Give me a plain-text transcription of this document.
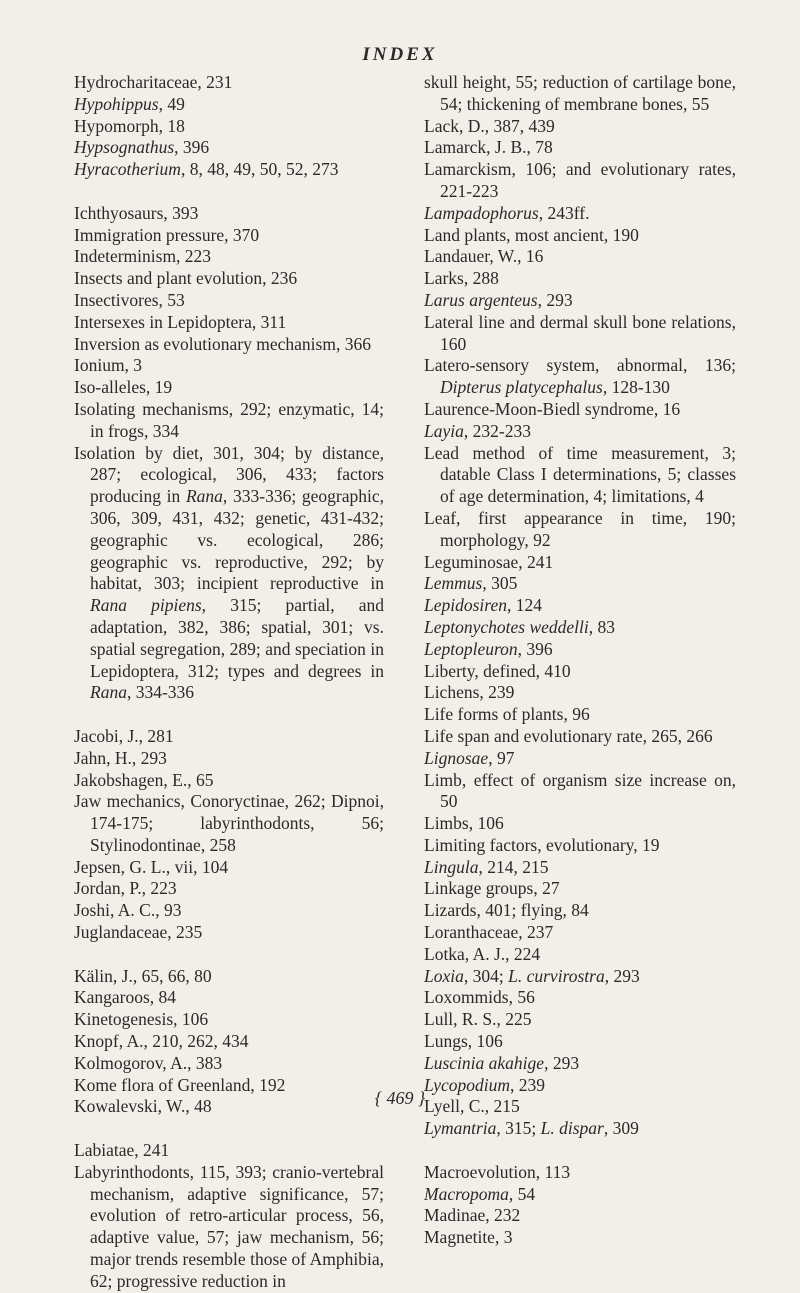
INDEX

Hydrocharitaceae, 231

Hypohippus, 49

Hypomorph, 18

Hypsognathus, 396

Hyracotherium, 8, 48, 49, 50, 52, 273

Ichthyosaurs, 393

Immigration pressure, 370

Indeterminism, 223

Insects and plant evolution, 236

Insectivores, 53

Intersexes in Lepidoptera, 311

Inversion as evolutionary mechanism, 366

Ionium, 3

Iso-alleles, 19

Isolating mechanisms, 292; enzymatic, 14; in frogs, 334

Isolation by diet, 301, 304; by distance, 287; ecological, 306, 433; factors producing in Rana, 333-336; geographic, 306, 309, 431, 432; genetic, 431-432; geographic vs. ecological, 286; geographic vs. reproductive, 292; by habitat, 303; incipient reproductive in Rana pipiens, 315; partial, and adaptation, 382, 386; spatial, 301; vs. spatial segregation, 289; and speciation in Lepidoptera, 312; types and degrees in Rana, 334-336

Jacobi, J., 281

Jahn, H., 293

Jakobshagen, E., 65

Jaw mechanics, Conoryctinae, 262; Dipnoi, 174-175; labyrinthodonts, 56; Stylinodontinae, 258

Jepsen, G. L., vii, 104

Jordan, P., 223

Joshi, A. C., 93

Juglandaceae, 235

Kälin, J., 65, 66, 80

Kangaroos, 84

Kinetogenesis, 106

Knopf, A., 210, 262, 434

Kolmogorov, A., 383

Kome flora of Greenland, 192

Kowalevski, W., 48

Labiatae, 241

Labyrinthodonts, 115, 393; cranio-vertebral mechanism, adaptive significance, 57; evolution of retro-articular process, 56, adaptive value, 57; jaw mechanism, 56; major trends resemble those of Amphibia, 62; progressive reduction in

skull height, 55; reduction of cartilage bone, 54; thickening of membrane bones, 55

Lack, D., 387, 439

Lamarck, J. B., 78

Lamarckism, 106; and evolutionary rates, 221-223

Lampadophorus, 243ff.

Land plants, most ancient, 190

Landauer, W., 16

Larks, 288

Larus argenteus, 293

Lateral line and dermal skull bone relations, 160

Latero-sensory system, abnormal, 136; Dipterus platycephalus, 128-130

Laurence-Moon-Biedl syndrome, 16

Layia, 232-233

Lead method of time measurement, 3; datable Class I determinations, 5; classes of age determination, 4; limitations, 4

Leaf, first appearance in time, 190; morphology, 92

Leguminosae, 241

Lemmus, 305

Lepidosiren, 124

Leptonychotes weddelli, 83

Leptopleuron, 396

Liberty, defined, 410

Lichens, 239

Life forms of plants, 96

Life span and evolutionary rate, 265, 266

Lignosae, 97

Limb, effect of organism size increase on, 50

Limbs, 106

Limiting factors, evolutionary, 19

Lingula, 214, 215

Linkage groups, 27

Lizards, 401; flying, 84

Loranthaceae, 237

Lotka, A. J., 224

Loxia, 304; L. curvirostra, 293

Loxommids, 56

Lull, R. S., 225

Lungs, 106

Luscinia akahige, 293

Lycopodium, 239

Lyell, C., 215

Lymantria, 315; L. dispar, 309

Macroevolution, 113

Macropoma, 54

Madinae, 232

Magnetite, 3

{ 469 }
